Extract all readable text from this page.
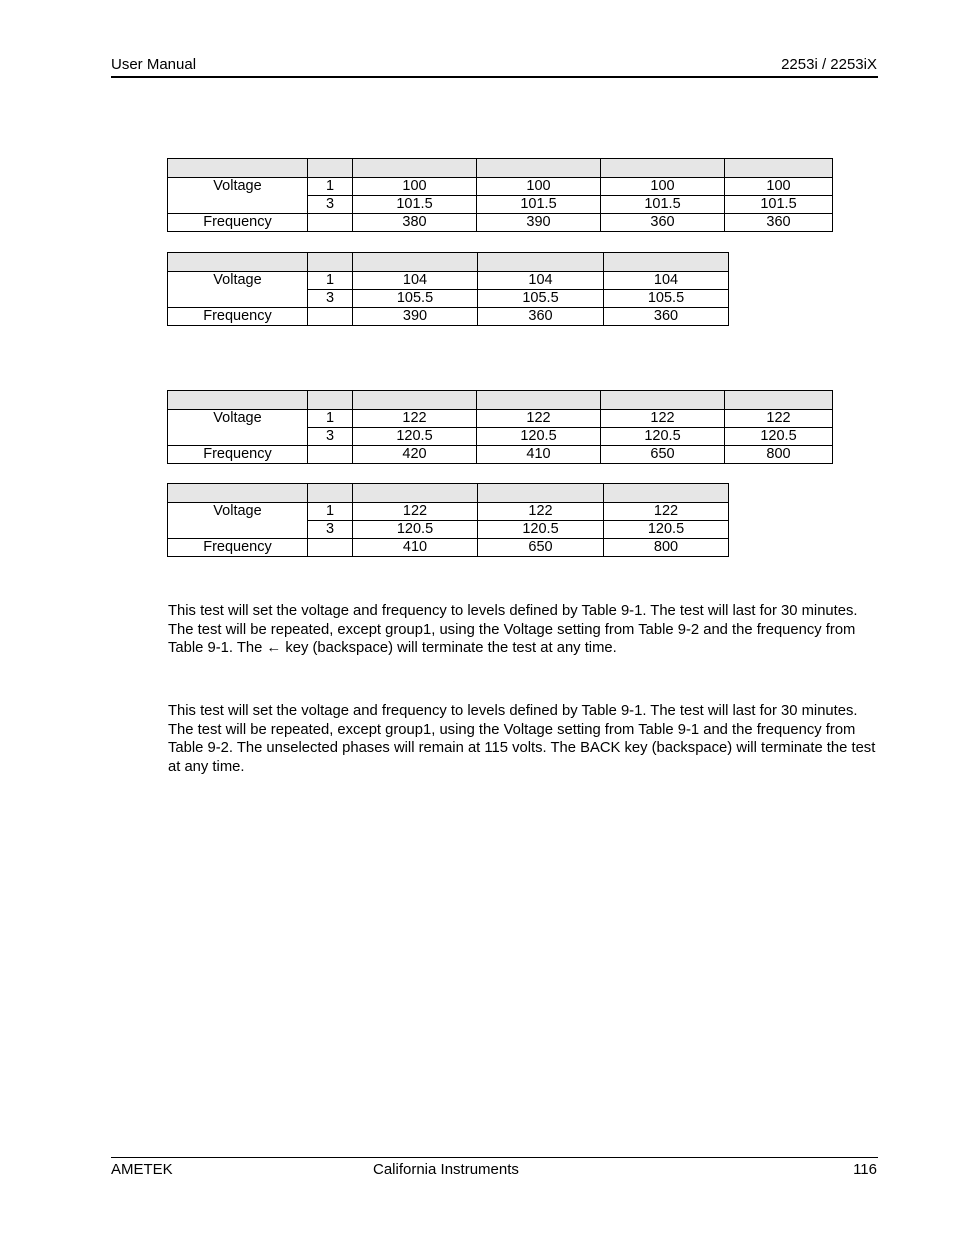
User Manual	2253i / 2253iX

Voltage	1	100	100	100	100
	3	101.5	101.5	101.5	101.5
Frequency		380	390	360	360

Voltage	1	104	104	104
	3	105.5	105.5	105.5
Frequency		390	360	360

Voltage	1	122	122	122	122
	3	120.5	120.5	120.5	120.5
Frequency		420	410	650	800

Voltage	1	122	122	122
	3	120.5	120.5	120.5
Frequency		410	650	800

This test will set the voltage and frequency to levels defined by Table 9-1. The test will last for 30 minutes. The test will be repeated, except group1, using the Voltage setting from Table 9-2 and the frequency from Table 9-1. The ← key (backspace) will terminate the test at any time.

This test will set the voltage and frequency to levels defined by Table 9-1. The test will last for 30 minutes. The test will be repeated, except group1, using the Voltage setting from Table 9-1 and the frequency from Table 9-2. The unselected phases will remain at 115 volts. The BACK key (backspace) will terminate the test at any time.

AMETEK	California Instruments	116
